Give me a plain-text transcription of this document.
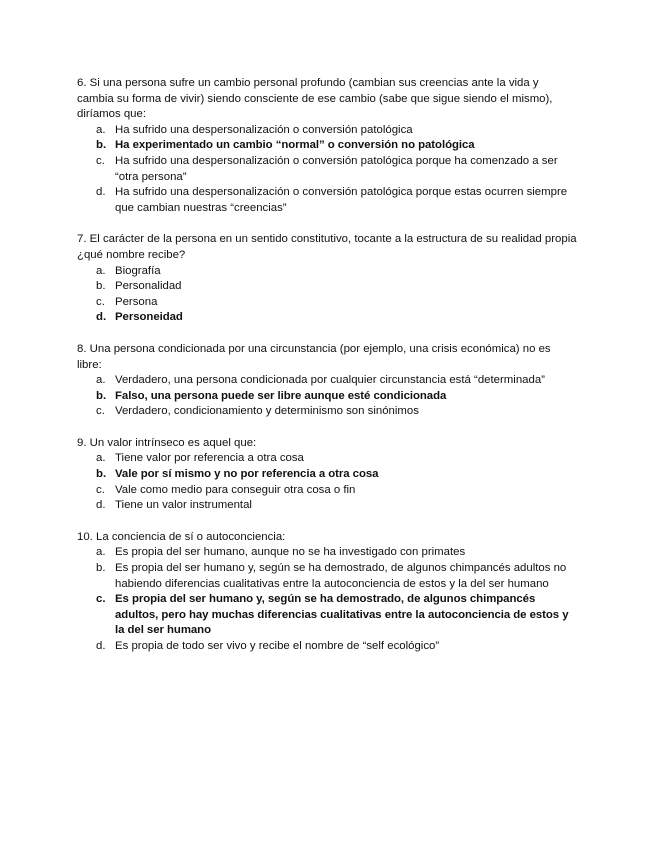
6. Si una persona sufre un cambio personal profundo (cambian sus creencias ante la vida y cambia su forma de vivir) siendo consciente de ese cambio (sabe que sigue siendo el mismo), diríamos que:

a. Ha sufrido una despersonalización o conversión patológica
b. Ha experimentado un cambio “normal” o conversión no patológica
c. Ha sufrido una despersonalización o conversión patológica porque ha comenzado a ser “otra persona”
d. Ha sufrido una despersonalización o conversión patológica porque estas ocurren siempre que cambian nuestras “creencias”

7. El carácter de la persona en un sentido constitutivo, tocante a la estructura de su realidad propia ¿qué nombre recibe?

a. Biografía
b. Personalidad
c. Persona
d. Personeidad

8. Una persona condicionada por una circunstancia (por ejemplo, una crisis económica) no es libre:

a. Verdadero, una persona condicionada por cualquier circunstancia está “determinada”
b. Falso, una persona puede ser libre aunque esté condicionada
c. Verdadero, condicionamiento y determinismo son sinónimos

9. Un valor intrínseco es aquel que:

a. Tiene valor por referencia a otra cosa
b. Vale por sí mismo y no por referencia a otra cosa
c. Vale como medio para conseguir otra cosa o fin
d. Tiene un valor instrumental

10. La conciencia de sí o autoconciencia:

a. Es propia del ser humano, aunque no se ha investigado con primates
b. Es propia del ser humano y, según se ha demostrado, de algunos chimpancés adultos no habiendo diferencias cualitativas entre la autoconciencia de estos y la del ser humano
c. Es propia del ser humano y, según se ha demostrado, de algunos chimpancés adultos, pero hay muchas diferencias cualitativas entre la autoconciencia de estos y la del ser humano
d. Es propia de todo ser vivo y recibe el nombre de “self ecológico”
